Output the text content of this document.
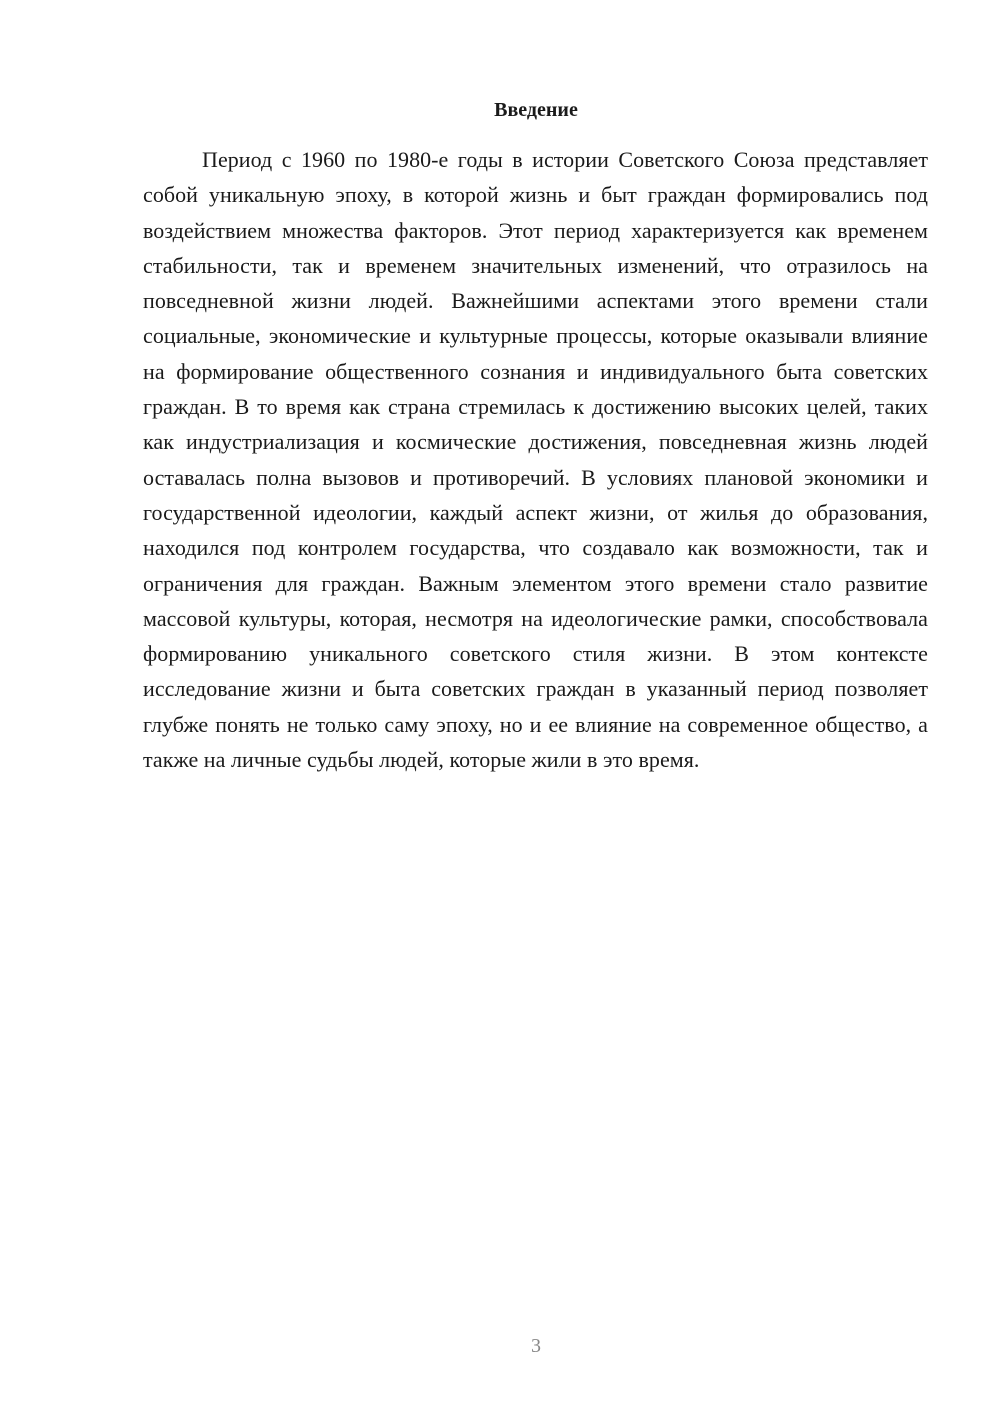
Введение

Период с 1960 по 1980-е годы в истории Советского Союза представляет собой уникальную эпоху, в которой жизнь и быт граждан формировались под воздействием множества факторов. Этот период характеризуется как временем стабильности, так и временем значительных изменений, что отразилось на повседневной жизни людей. Важнейшими аспектами этого времени стали социальные, экономические и культурные процессы, которые оказывали влияние на формирование общественного сознания и индивидуального быта советских граждан. В то время как страна стремилась к достижению высоких целей, таких как индустриализация и космические достижения, повседневная жизнь людей оставалась полна вызовов и противоречий. В условиях плановой экономики и государственной идеологии, каждый аспект жизни, от жилья до образования, находился под контролем государства, что создавало как возможности, так и ограничения для граждан. Важным элементом этого времени стало развитие массовой культуры, которая, несмотря на идеологические рамки, способствовала формированию уникального советского стиля жизни. В этом контексте исследование жизни и быта советских граждан в указанный период позволяет глубже понять не только саму эпоху, но и ее влияние на современное общество, а также на личные судьбы людей, которые жили в это время.

3
